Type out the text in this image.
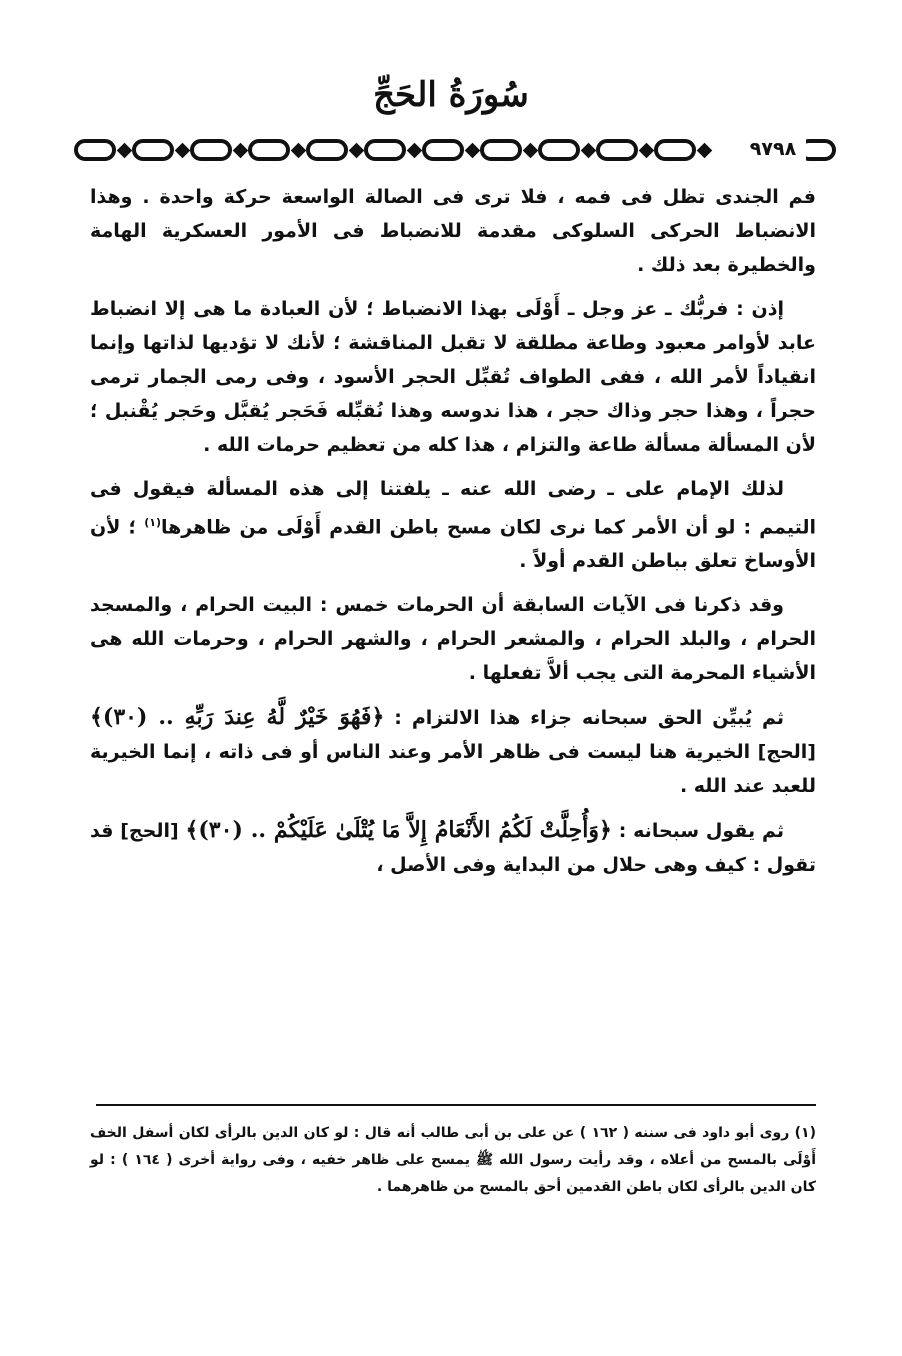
سُورَةُ الحَجِّ
٩٧٩٨

فم الجندى تظل فى فمه ، فلا ترى فى الصالة الواسعة حركة واحدة . وهذا الانضباط الحركى السلوكى مقدمة للانضباط فى الأمور العسكرية الهامة والخطيرة بعد ذلك .

إذن : فربُّك ـ عز وجل ـ أَوْلَى بهذا الانضباط ؛ لأن العبادة ما هى إلا انضباط عابد لأوامر معبود وطاعة مطلقة لا تقبل المناقشة ؛ لأنك لا تؤديها لذاتها وإنما انقياداً لأمر الله ، ففى الطواف تُقبِّل الحجر الأسود ، وفى رمى الجمار ترمى حجراً ، وهذا حجر وذاك حجر ، هذا ندوسه وهذا نُقبِّله فَحَجر يُقبَّل وحَجر يُقْنبل ؛ لأن المسألة مسألة طاعة والتزام ، هذا كله من تعظيم حرمات الله .

لذلك الإمام على ـ رضى الله عنه ـ يلفتنا إلى هذه المسألة فيقول فى التيمم : لو أن الأمر كما نرى لكان مسح باطن القدم أَوْلَى من ظاهرها$^{(١)}$ ؛ لأن الأوساخ تعلق بباطن القدم أولاً .

وقد ذكرنا فى الآيات السابقة أن الحرمات خمس : البيت الحرام ، والمسجد الحرام ، والبلد الحرام ، والمشعر الحرام ، والشهر الحرام ، وحرمات الله هى الأشياء المحرمة التى يجب ألاَّ تفعلها .

ثم يُبيِّن الحق سبحانه جزاء هذا الالتزام : ﴿فَهُوَ خَيْرٌ لَّهُ عِندَ رَبِّهِ .. (٣٠)﴾ [الحج] الخيرية هنا ليست فى ظاهر الأمر وعند الناس أو فى ذاته ، إنما الخيرية للعبد عند الله .

ثم يقول سبحانه : ﴿وَأُحِلَّتْ لَكُمُ الأَنْعَامُ إِلاَّ مَا يُتْلَىٰ عَلَيْكُمْ .. (٣٠)﴾ [الحج] قد تقول : كيف وهى حلال من البداية وفى الأصل ،

(١) روى أبو داود فى سننه ( ١٦٢ ) عن على بن أبى طالب أنه قال : لو كان الدين بالرأى لكان أسفل الخف أَوْلَى بالمسح من أعلاه ، وقد رأيت رسول الله ﷺ يمسح على ظاهر خفيه ، وفى رواية أخرى ( ١٦٤ ) : لو كان الدين بالرأى لكان باطن القدمين أحق بالمسح من ظاهرهما .
